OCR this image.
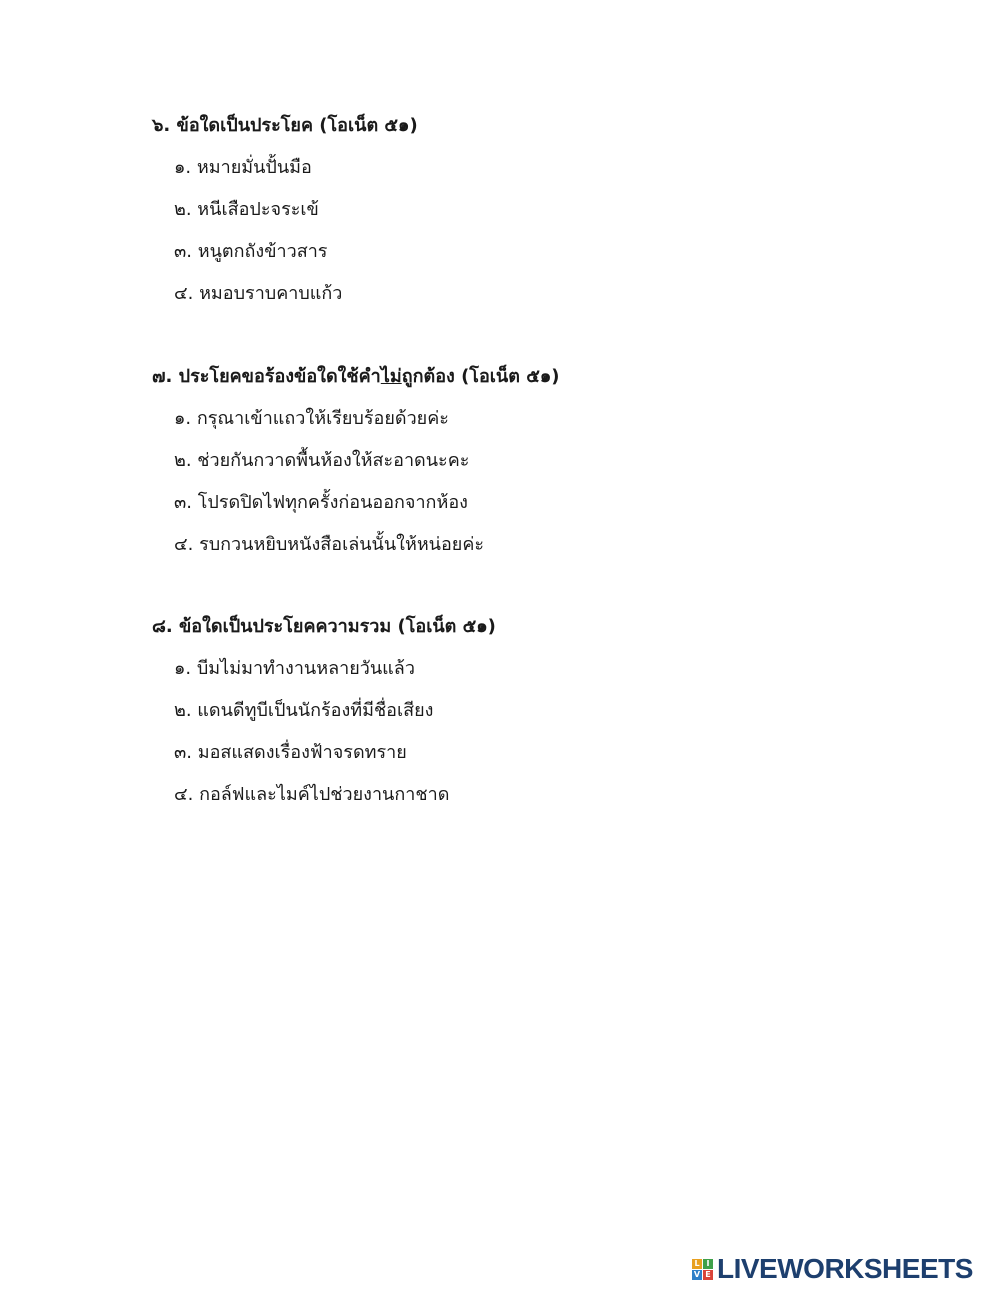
๖. ข้อใดเป็นประโยค (โอเน็ต ๕๑)
๑. หมายมั่นปั้นมือ
๒. หนีเสือปะจระเข้
๓. หนูตกถังข้าวสาร
๔. หมอบราบคาบแก้ว
๗. ประโยคขอร้องข้อใดใช้คำไม่ถูกต้อง (โอเน็ต ๕๑)
๑. กรุณาเข้าแถวให้เรียบร้อยด้วยค่ะ
๒. ช่วยกันกวาดพื้นห้องให้สะอาดนะคะ
๓. โปรดปิดไฟทุกครั้งก่อนออกจากห้อง
๔. รบกวนหยิบหนังสือเล่นนั้นให้หน่อยค่ะ
๘. ข้อใดเป็นประโยคความรวม (โอเน็ต ๕๑)
๑. บีมไม่มาทำงานหลายวันแล้ว
๒. แดนดีทูบีเป็นนักร้องที่มีชื่อเสียง
๓. มอสแสดงเรื่องฟ้าจรดทราย
๔. กอล์ฟและไมค์ไปช่วยงานกาชาด
L I
V E LIVEWORKSHEETS
